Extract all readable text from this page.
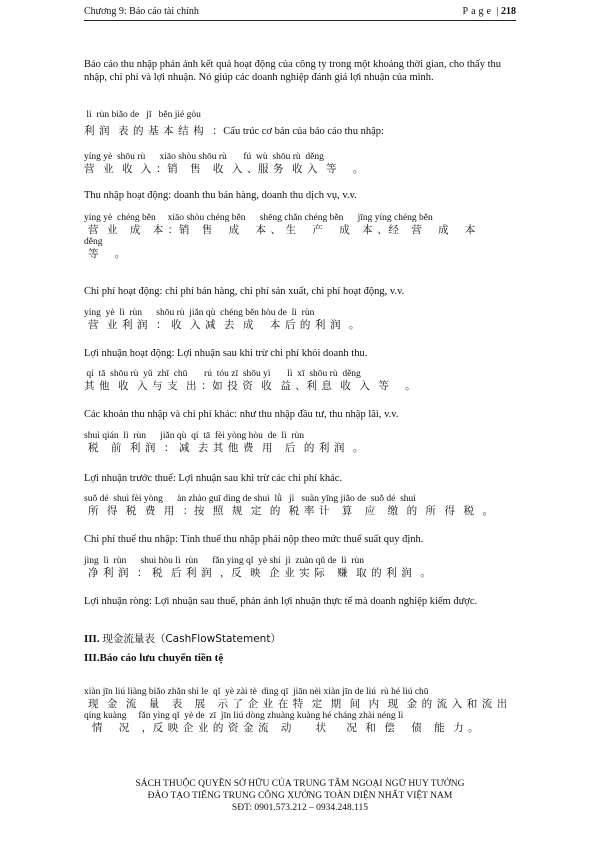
Chương 9: Báo cáo tài chính	Page | 218
Báo cáo thu nhập phản ánh kết quả hoạt động của công ty trong một khoảng thời gian, cho thấy thu nhập, chi phí và lợi nhuận. Nó giúp các doanh nghiệp đánh giá lợi nhuận của mình.
lì  rùn biǎo de   jī   běn jié gòu
利 润  表 的 基 本 结 构  ：Cấu trúc cơ bản của báo cáo thu nhập:
yíng yè  shōu rù      xiāo shòu shōu rù       fú  wù  shōu rù  děng
营  业  收  入 ：销   售   收  入 、服 务  收 入  等    。
Thu nhập hoạt động: doanh thu bán hàng, doanh thu dịch vụ, v.v.
yíng yè  chéng běn     xiāo shòu chéng běn      shēng chǎn chéng běn      jīng yíng chéng běn
营  业   成   本 ：销   售    成    本 、 生    产    成   本 、经   营    成    本
děng
等    。
Chi phí hoạt động: chi phí bán hàng, chi phí sản xuất, chi phí hoạt động, v.v.
yíng  yè  lì  rùn      shōu rù  jiǎn qù  chéng běn hòu de  lì  rùn
营  业 利 润  ： 收  入 减  去  成    本 后 的 利 润  。
Lợi nhuận hoạt động: Lợi nhuận sau khi trừ chi phí khỏi doanh thu.
qí  tā  shōu rù  yǔ  zhī  chū       rú  tóu zī  shōu yì       lì  xī  shōu rù  děng
其 他  收  入 与 支  出 ：如 投 资  收  益 、利 息  收  入  等    。
Các khoản thu nhập và chi phí khác: như thu nhập đầu tư, thu nhập lãi, v.v.
shuì qián  lì  rùn      jiǎn qù  qí  tā  fèi yòng hòu  de  lì  rùn
税   前  利 润  ： 减  去 其 他 费  用   后  的 利 润  。
Lợi nhuận trước thuế: Lợi nhuận sau khi trừ các chi phí khác.
suǒ dé  shuì fèi yòng      àn zhào guī dìng de shuì  lǜ   jì   suàn yīng jiǎo de  suǒ dé  shuì
所  得  税  费  用  ：按  照  规  定  的  税 率 计   算   应   缴  的  所  得  税  。
Chi phí thuế thu nhập: Tính thuế thu nhập phải nộp theo mức thuế suất quy định.
jìng  lì  rùn      shuì hòu lì  rùn      fǎn yìng qǐ  yè shí  jì  zuàn qǔ de  lì  rùn
净 利 润  ： 税  后 利 润  ，反  映  企 业 实 际   赚  取 的 利 润  。
Lợi nhuận ròng: Lợi nhuận sau thuế, phản ánh lợi nhuận thực tế mà doanh nghiệp kiếm được.
III. 现金流量表（CashFlowStatement）
III.Báo cáo lưu chuyển tiền tệ
xiàn jīn liú liàng biǎo zhǎn shì le  qǐ  yè zài tè  dìng qī  jiān nèi xiàn jīn de liú  rù hé liú chū
现  金  流   量   表   展   示 了 企 业 在 特  定  期  间  内  现  金 的 流 入 和 流 出
qíng kuàng     fǎn yìng qǐ  yè de  zī  jīn liú dòng zhuàng kuàng hé cháng zhài néng lì
情    况   ，反 映 企 业 的 资 金 流   动      状     况  和  偿    债   能  力 。
SÁCH THUỘC QUYỀN SỞ HỮU CỦA TRUNG TÂM NGOẠI NGỮ HUY TƯỞNG
ĐÀO TẠO TIẾNG TRUNG CÔNG XƯỞNG TOÀN DIỆN NHẤT VIỆT NAM
SĐT: 0901.573.212 – 0934.248.115
